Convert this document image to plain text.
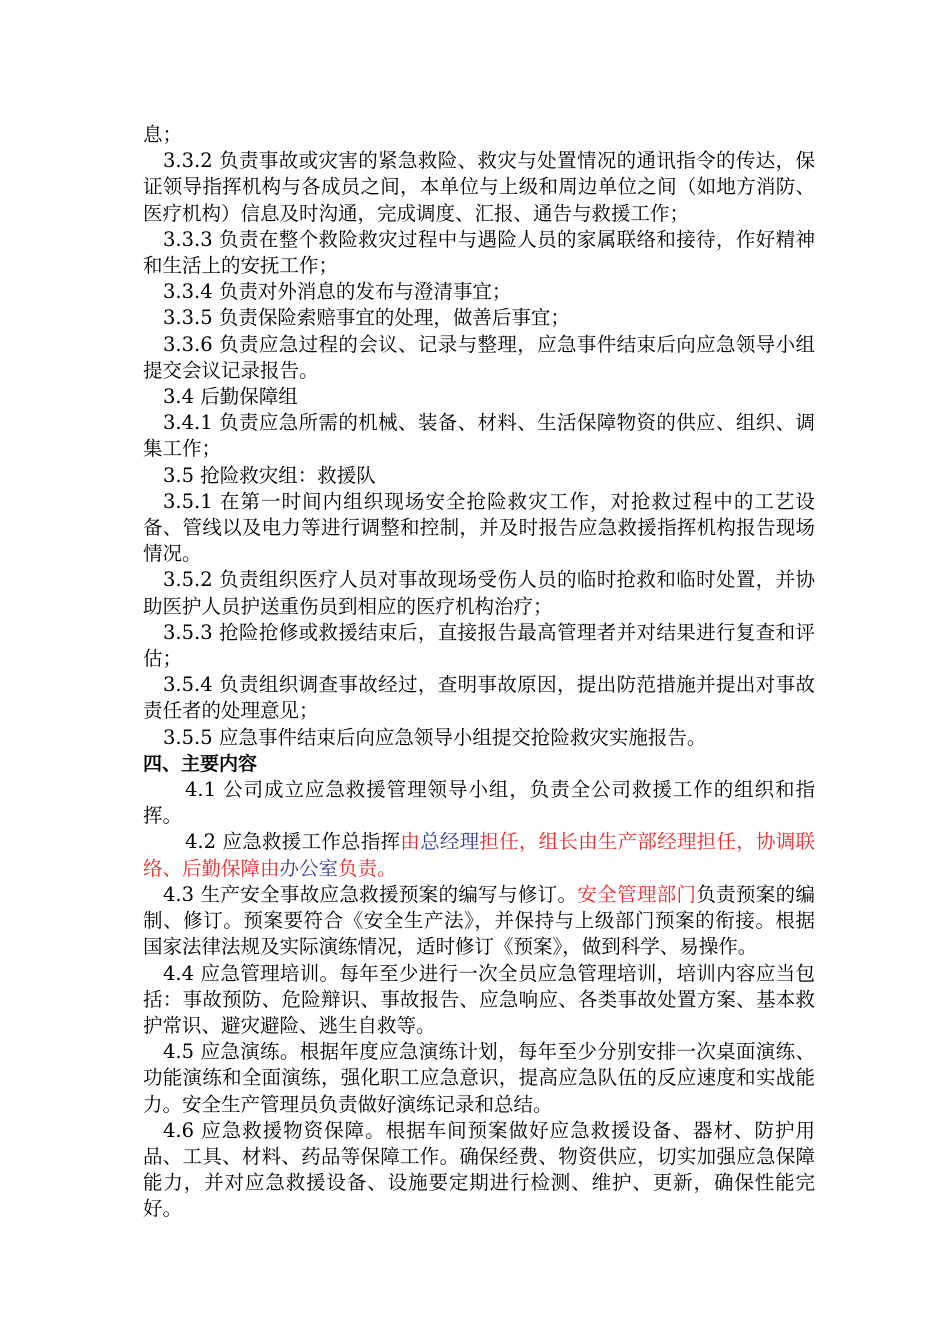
息；

3.3.2 负责事故或灾害的紧急救险、救灾与处置情况的通讯指令的传达，保证领导指挥机构与各成员之间，本单位与上级和周边单位之间（如地方消防、医疗机构）信息及时沟通，完成调度、汇报、通告与救援工作；

3.3.3 负责在整个救险救灾过程中与遇险人员的家属联络和接待，作好精神和生活上的安抚工作；

3.3.4 负责对外消息的发布与澄清事宜；

3.3.5 负责保险索赔事宜的处理，做善后事宜；

3.3.6 负责应急过程的会议、记录与整理，应急事件结束后向应急领导小组提交会议记录报告。

3.4 后勤保障组

3.4.1 负责应急所需的机械、装备、材料、生活保障物资的供应、组织、调集工作；

3.5 抢险救灾组：救援队

3.5.1 在第一时间内组织现场安全抢险救灾工作，对抢救过程中的工艺设备、管线以及电力等进行调整和控制，并及时报告应急救援指挥机构报告现场情况。

3.5.2 负责组织医疗人员对事故现场受伤人员的临时抢救和临时处置，并协助医护人员护送重伤员到相应的医疗机构治疗；

3.5.3 抢险抢修或救援结束后，直接报告最高管理者并对结果进行复查和评估；

3.5.4 负责组织调查事故经过，查明事故原因，提出防范措施并提出对事故责任者的处理意见；

3.5.5 应急事件结束后向应急领导小组提交抢险救灾实施报告。

四、主要内容

4.1 公司成立应急救援管理领导小组，负责全公司救援工作的组织和指挥。

4.2 应急救援工作总指挥由总经理担任，组长由生产部经理担任，协调联络、后勤保障由办公室负责。

4.3 生产安全事故应急救援预案的编写与修订。安全管理部门负责预案的编制、修订。预案要符合《安全生产法》，并保持与上级部门预案的衔接。根据国家法律法规及实际演练情况，适时修订《预案》，做到科学、易操作。

4.4 应急管理培训。每年至少进行一次全员应急管理培训，培训内容应当包括：事故预防、危险辩识、事故报告、应急响应、各类事故处置方案、基本救护常识、避灾避险、逃生自救等。

4.5 应急演练。根据年度应急演练计划，每年至少分别安排一次桌面演练、功能演练和全面演练，强化职工应急意识，提高应急队伍的反应速度和实战能力。安全生产管理员负责做好演练记录和总结。

4.6 应急救援物资保障。根据车间预案做好应急救援设备、器材、防护用品、工具、材料、药品等保障工作。确保经费、物资供应，切实加强应急保障能力，并对应急救援设备、设施要定期进行检测、维护、更新，确保性能完好。
